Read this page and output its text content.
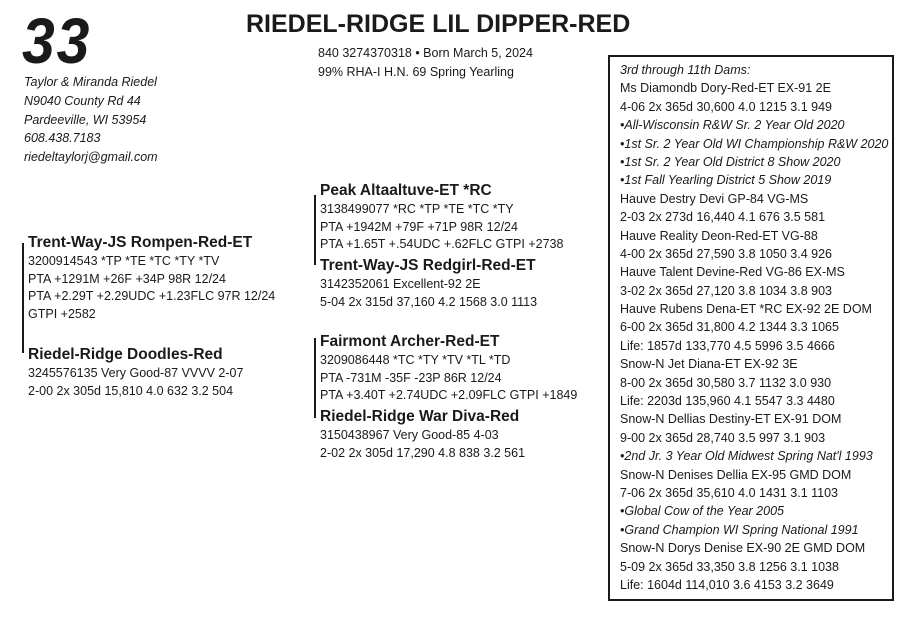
33	RIEDEL-RIDGE LIL DIPPER-RED
840 3274370318 • Born March 5, 2024
99% RHA-I H.N. 69 Spring Yearling
Taylor & Miranda Riedel
N9040 County Rd 44
Pardeeville, WI 53954
608.438.7183
riedeltaylorj@gmail.com
Trent-Way-JS Rompen-Red-ET
3200914543 *TP *TE *TC *TY *TV
PTA +1291M +26F +34P 98R 12/24
PTA +2.29T +2.29UDC +1.23FLC 97R 12/24
GTPI +2582
Riedel-Ridge Doodles-Red
3245576135 Very Good-87 VVVV 2-07
2-00 2x 305d 15,810 4.0 632 3.2 504
Peak Altaaltuve-ET *RC
3138499077 *RC *TP *TE *TC *TY
PTA +1942M +79F +71P 98R 12/24
PTA +1.65T +.54UDC +.62FLC GTPI +2738
Trent-Way-JS Redgirl-Red-ET
3142352061 Excellent-92 2E
5-04 2x 315d 37,160 4.2 1568 3.0 1113
Fairmont Archer-Red-ET
3209086448 *TC *TY *TV *TL *TD
PTA -731M -35F -23P 86R 12/24
PTA +3.40T +2.74UDC +2.09FLC GTPI +1849
Riedel-Ridge War Diva-Red
3150438967 Very Good-85 4-03
2-02 2x 305d 17,290 4.8 838 3.2 561
3rd through 11th Dams:
Ms Diamondb Dory-Red-ET EX-91 2E
4-06 2x 365d 30,600 4.0 1215 3.1 949
•All-Wisconsin R&W Sr. 2 Year Old 2020
•1st Sr. 2 Year Old WI Championship R&W 2020
•1st Sr. 2 Year Old District 8 Show 2020
•1st Fall Yearling District 5 Show 2019
Hauve Destry Devi GP-84 VG-MS
2-03 2x 273d 16,440 4.1 676 3.5 581
Hauve Reality Deon-Red-ET VG-88
4-00 2x 365d 27,590 3.8 1050 3.4 926
Hauve Talent Devine-Red VG-86 EX-MS
3-02 2x 365d 27,120 3.8 1034 3.8 903
Hauve Rubens Dena-ET *RC EX-92 2E DOM
6-00 2x 365d 31,800 4.2 1344 3.3 1065
Life: 1857d 133,770 4.5 5996 3.5 4666
Snow-N Jet Diana-ET EX-92 3E
8-00 2x 365d 30,580 3.7 1132 3.0 930
Life: 2203d 135,960 4.1 5547 3.3 4480
Snow-N Dellias Destiny-ET EX-91 DOM
9-00 2x 365d 28,740 3.5 997 3.1 903
•2nd Jr. 3 Year Old Midwest Spring Nat'l 1993
Snow-N Denises Dellia EX-95 GMD DOM
7-06 2x 365d 35,610 4.0 1431 3.1 1103
•Global Cow of the Year 2005
•Grand Champion WI Spring National 1991
Snow-N Dorys Denise EX-90 2E GMD DOM
5-09 2x 365d 33,350 3.8 1256 3.1 1038
Life: 1604d 114,010 3.6 4153 3.2 3649
